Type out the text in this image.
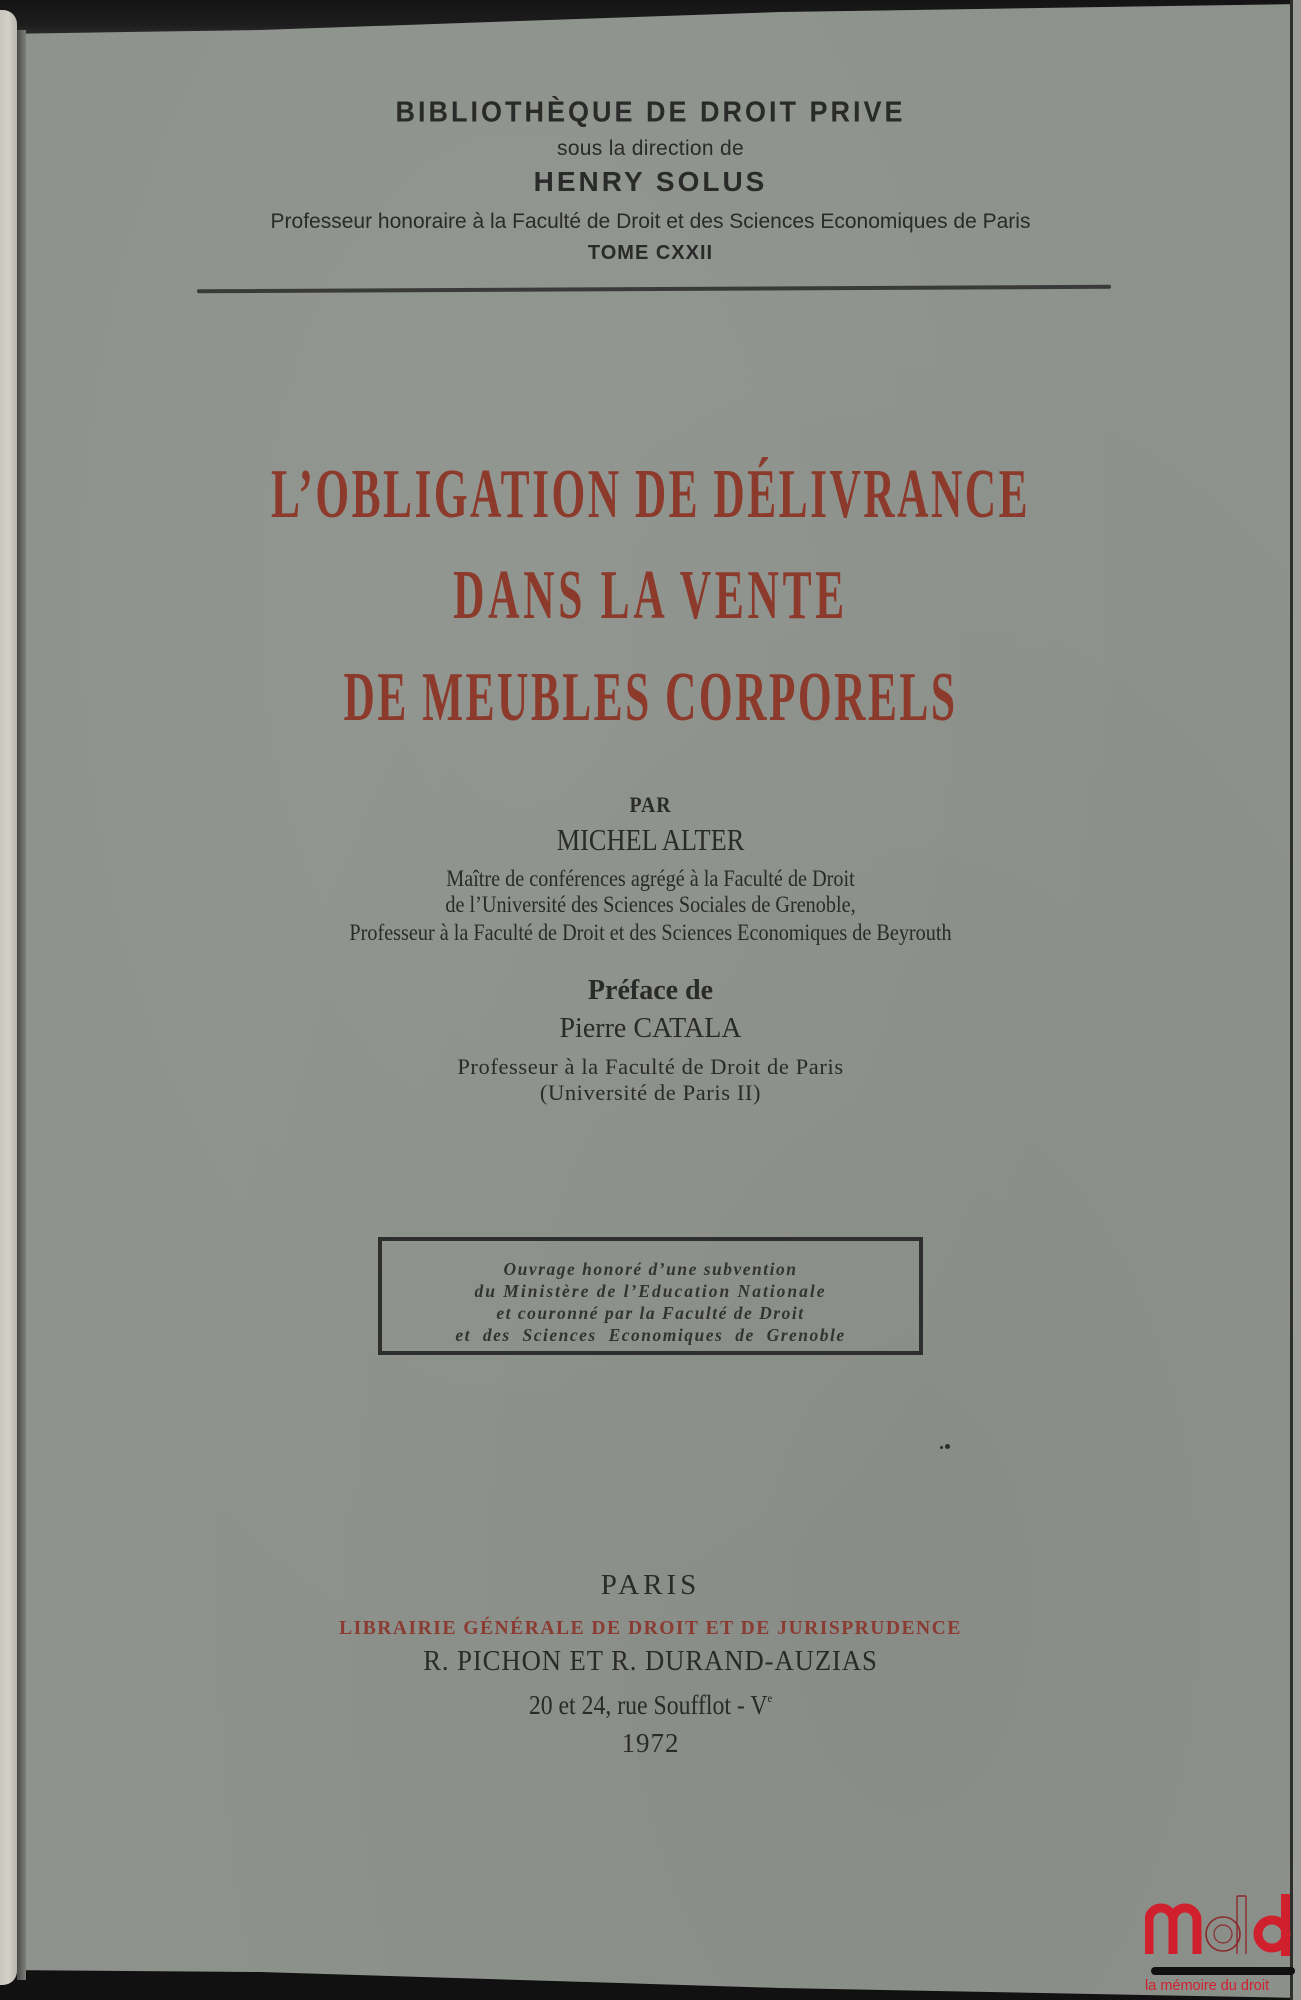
BIBLIOTHÈQUE DE DROIT PRIVE
sous la direction de
HENRY SOLUS
Professeur honoraire à la Faculté de Droit et des Sciences Economiques de Paris
TOME CXXII
L’OBLIGATION DE DÉLIVRANCE
DANS LA VENTE
DE MEUBLES CORPORELS
PAR
MICHEL ALTER
Maître de conférences agrégé à la Faculté de Droit
de l’Université des Sciences Sociales de Grenoble,
Professeur à la Faculté de Droit et des Sciences Economiques de Beyrouth
Préface de
Pierre CATALA
Professeur à la Faculté de Droit de Paris
(Université de Paris II)
Ouvrage honoré d’une subvention
du Ministère de l’Education Nationale
et couronné par la Faculté de Droit
et des Sciences Economiques de Grenoble
PARIS
LIBRAIRIE GÉNÉRALE DE DROIT ET DE JURISPRUDENCE
R. PICHON ET R. DURAND-AUZIAS
20 et 24, rue Soufflot - Ve
1972
la mémoire du droit
